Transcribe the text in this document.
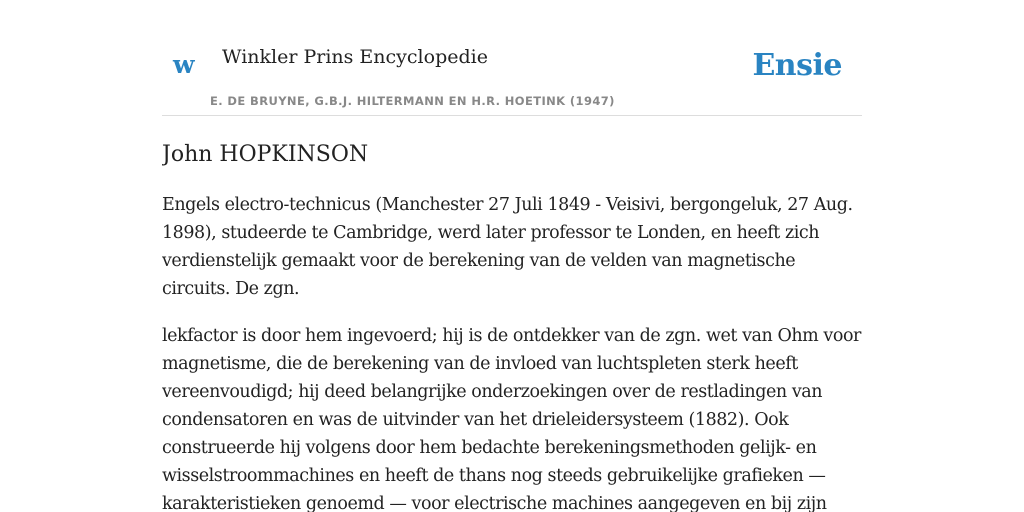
w Winkler Prins Encyclopedie
E. DE BRUYNE, G.B.J. HILTERMANN EN H.R. HOETINK (1947)
Ensie
John HOPKINSON

Engels electro-technicus (Manchester 27 Juli 1849 - Veisivi, bergongeluk, 27 Aug. 1898), studeerde te Cambridge, werd later professor te Londen, en heeft zich verdienstelijk gemaakt voor de berekening van de velden van magnetische circuits. De zgn.

lekfactor is door hem ingevoerd; hij is de ontdekker van de zgn. wet van Ohm voor magnetisme, die de berekening van de invloed van luchtspleten sterk heeft vereenvoudigd; hij deed belangrijke onderzoekingen over de restladingen van condensatoren en was de uitvinder van het drieleidersysteem (1882). Ook construeerde hij volgens door hem bedachte berekeningsmethoden gelijk- en wisselstroommachines en heeft de thans nog steeds gebruikelijke grafieken — karakteristieken genoemd — voor electrische machines aangegeven en bij zijn
